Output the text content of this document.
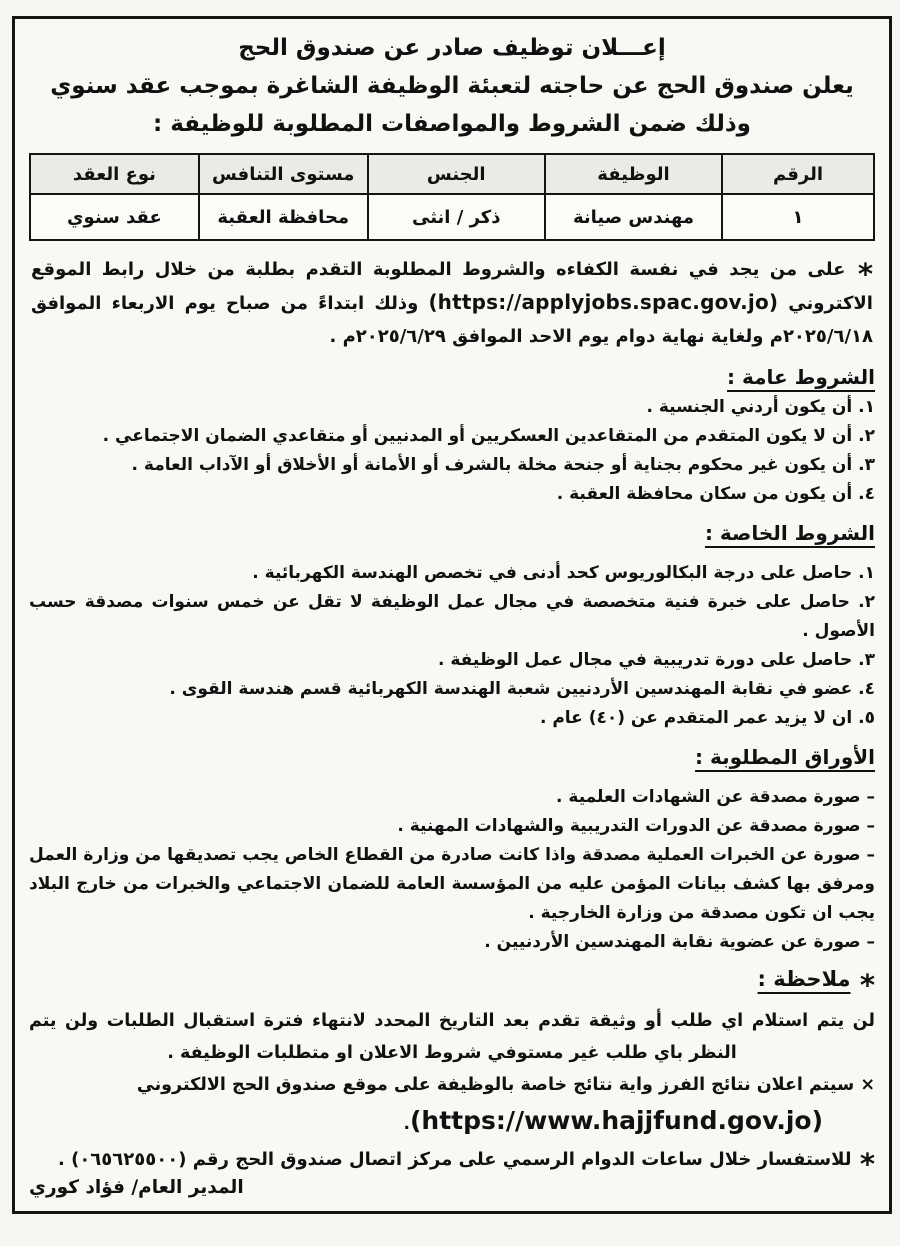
إعـــلان توظيف صادر عن صندوق الحج
يعلن صندوق الحج عن حاجته لتعبئة الوظيفة الشاغرة بموجب عقد سنوي
وذلك ضمن الشروط والمواصفات المطلوبة للوظيفة :
الرقم	الوظيفة	الجنس	مستوى التنافس	نوع العقد
١	مهندس صيانة	ذكر / انثى	محافظة العقبة	عقد سنوي

* على من يجد في نفسة الكفاءه والشروط المطلوبة التقدم بطلبة من خلال رابط الموقع الاكتروني (https://applyjobs.spac.gov.jo) وذلك ابتداءً من صباح يوم الاربعاء الموافق ٢٠٢٥/٦/١٨م ولغاية نهاية دوام يوم الاحد الموافق ٢٠٢٥/٦/٢٩م .

الشروط عامة :
١. أن يكون أردني الجنسية .
٢. أن لا يكون المتقدم من المتقاعدين العسكريين أو المدنيين أو متقاعدي الضمان الاجتماعي .
٣. أن يكون غير محكوم بجناية أو جنحة مخلة بالشرف أو الأمانة أو الأخلاق أو الآداب العامة .
٤. أن يكون من سكان محافظة العقبة .
الشروط الخاصة :
١. حاصل على درجة البكالوريوس كحد أدنى في تخصص الهندسة الكهربائية .
٢. حاصل على خبرة فنية متخصصة في مجال عمل الوظيفة لا تقل عن خمس سنوات مصدقة حسب الأصول .
٣. حاصل على دورة تدريبية في مجال عمل الوظيفة .
٤. عضو في نقابة المهندسين الأردنيين شعبة الهندسة الكهربائية قسم هندسة القوى .
٥. ان لا يزيد عمر المتقدم عن (٤٠) عام .
الأوراق المطلوبة :
– صورة مصدقة عن الشهادات العلمية .
– صورة مصدقة عن الدورات التدريبية والشهادات المهنية .
– صورة عن الخبرات العملية مصدقة واذا كانت صادرة من القطاع الخاص يجب تصديقها من وزارة العمل ومرفق بها كشف بيانات المؤمن عليه من المؤسسة العامة للضمان الاجتماعي والخبرات من خارج البلاد يجب ان تكون مصدقة من وزارة الخارجية .
– صورة عن عضوية نقابة المهندسين الأردنيين .
* ملاحظة :

لن يتم استلام اي طلب أو وثيقة تقدم بعد التاريخ المحدد لانتهاء فترة استقبال الطلبات ولن يتم النظر باي طلب غير مستوفي شروط الاعلان او متطلبات الوظيفة .

× سيتم اعلان نتائج الفرز واية نتائج خاصة بالوظيفة على موقع صندوق الحج الالكتروني
(https://www.hajjfund.gov.jo).
* للاستفسار خلال ساعات الدوام الرسمي على مركز اتصال صندوق الحج رقم (٠٦٥٦٢٥٥٠٠) .
المدير العام/ فؤاد كوري
